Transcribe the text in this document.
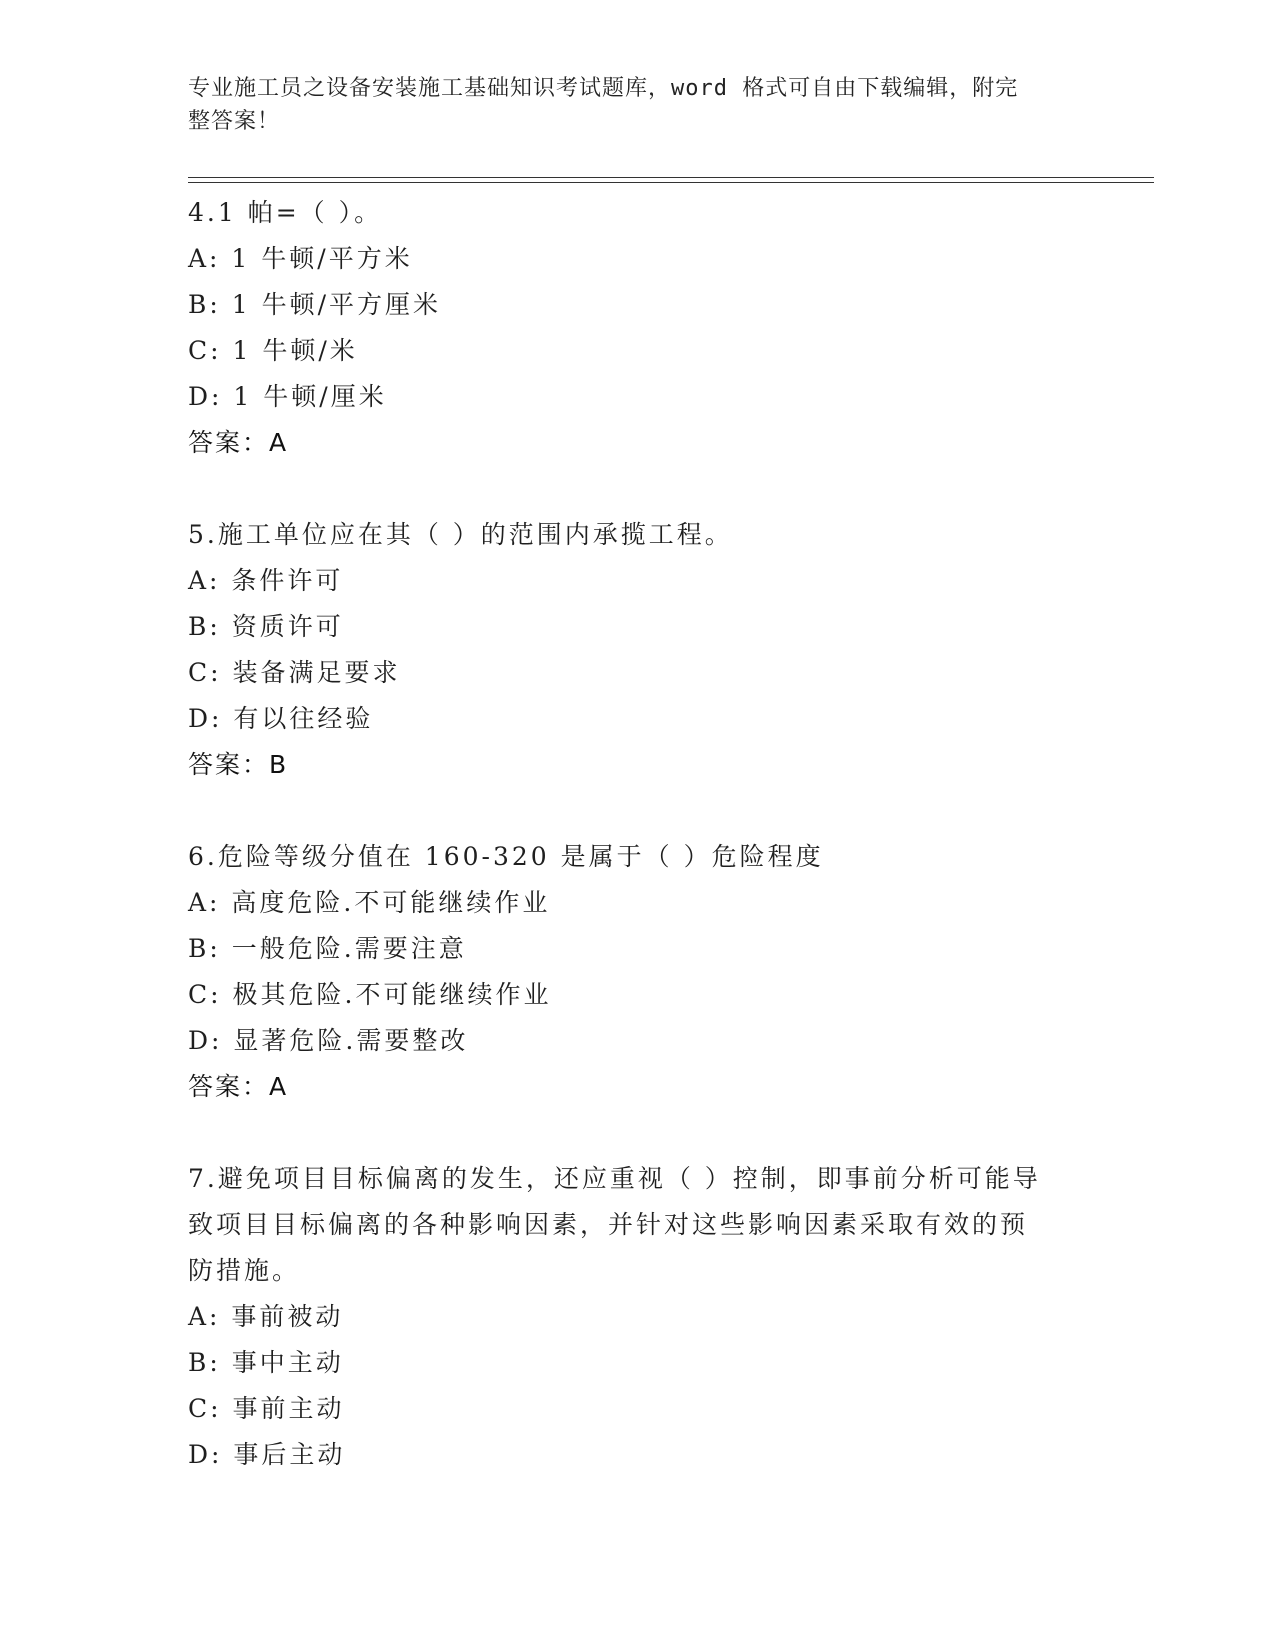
专业施工员之设备安装施工基础知识考试题库，word 格式可自由下载编辑，附完
整答案！

4.1 帕=（ ）。

A: 1 牛顿/平方米

B: 1 牛顿/平方厘米

C: 1 牛顿/米

D: 1 牛顿/厘米

答案：A

5.施工单位应在其（ ）的范围内承揽工程。

A: 条件许可

B: 资质许可

C: 装备满足要求

D: 有以往经验

答案：B

6.危险等级分值在 160-320 是属于（ ）危险程度

A: 高度危险.不可能继续作业

B: 一般危险.需要注意

C: 极其危险.不可能继续作业

D: 显著危险.需要整改

答案：A

7.避免项目目标偏离的发生，还应重视（ ）控制，即事前分析可能导

致项目目标偏离的各种影响因素，并针对这些影响因素采取有效的预

防措施。

A: 事前被动

B: 事中主动

C: 事前主动

D: 事后主动
